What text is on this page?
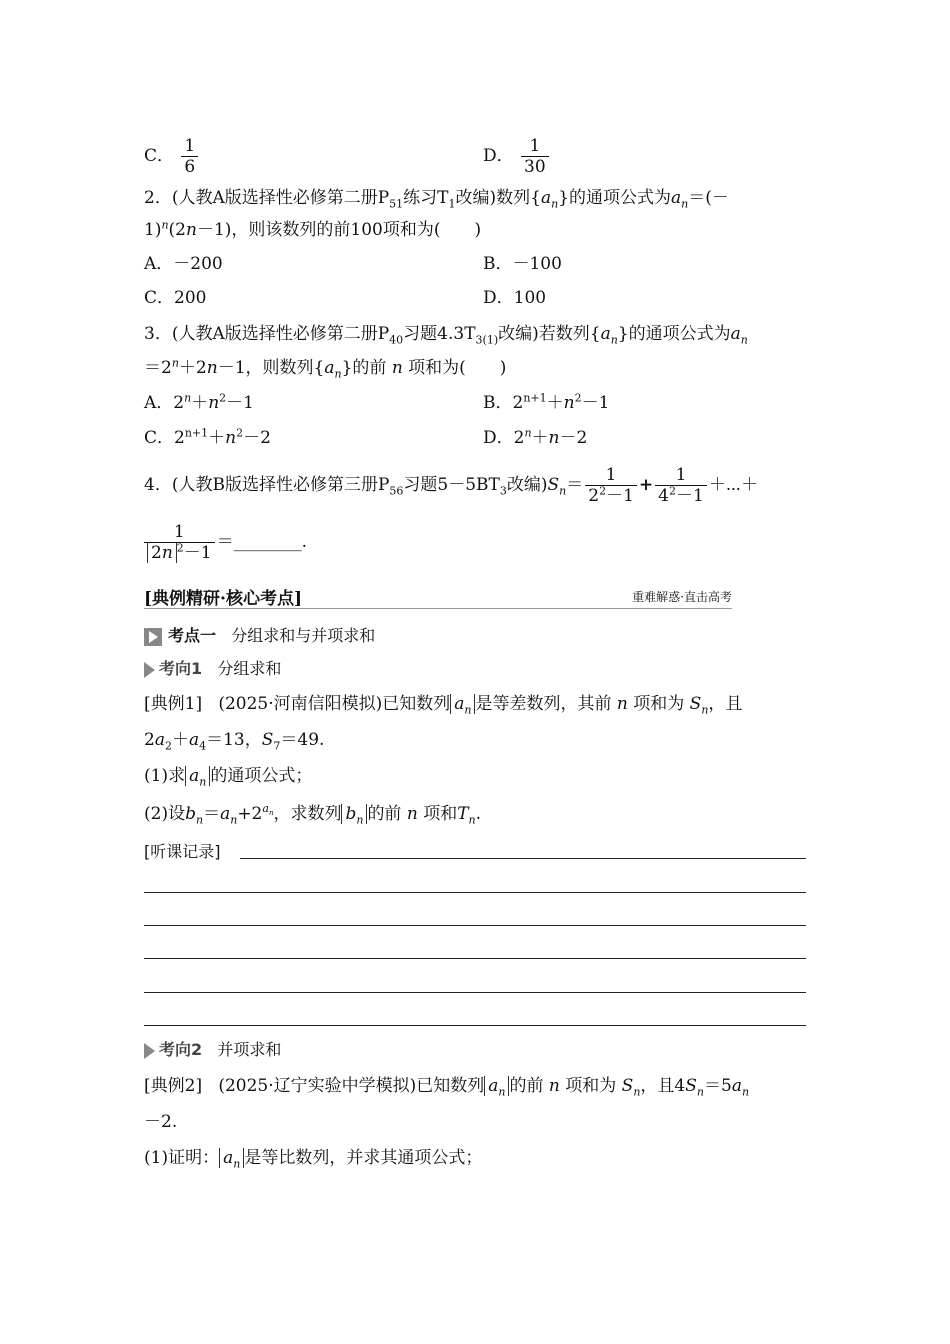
C． $\frac{1}{6}$	D． $\frac{1}{30}$
2．(人教A版选择性必修第二册$P_{51}$练习$T_1$改编)数列$\{a_n\}$的通项公式为$a_n=(-$
1)$^n$(2n－1)，则该数列的前100项和为(　　)
A．－200	B．－100
C．200	D．100
3．(人教A版选择性必修第二册$P_{40}$习题$4.3T_{3(1)}$改编)若数列$\{a_n\}$的通项公式为$a_n$
$=2^n+2n-1$，则数列$\{a_n\}$的前 n 项和为(　　)
A．$2^n+n^2-1$	B．$2^{n+1}+n^2-1$
C．$2^{n+1}+n^2-2$	D．$2^n+n-2$
4．(人教B版选择性必修第三册$P_{56}$习题$5-5BT_3$改编)$S_n= \frac{1}{2^2-1} + \frac{1}{4^2-1}$ ＋⋯＋
$\frac{1}{2n ^2-1}$ ＝________.
[典例精研·核心考点]	重难解惑·直击高考
考点一 分组求和与并项求和
考向1 分组求和
[典例1] (2025·河南信阳模拟)已知数列 $a_n$ 是等差数列，其前 n 项和为 $S_n$，且
$2a_2+a_4=13$，$S_7=49$.
(1)求 $a_n$ 的通项公式；
(2)设$b_n=a_n+2^{a_n}$，求数列 $b_n$ 的前 n 项和$T_n$.
[听课记录]
考向2 并项求和
[典例2] (2025·辽宁实验中学模拟)已知数列 $a_n$ 的前 n 项和为 $S_n$，且$4S_n=5a_n$
－2.
(1)证明： $a_n$ 是等比数列，并求其通项公式；
